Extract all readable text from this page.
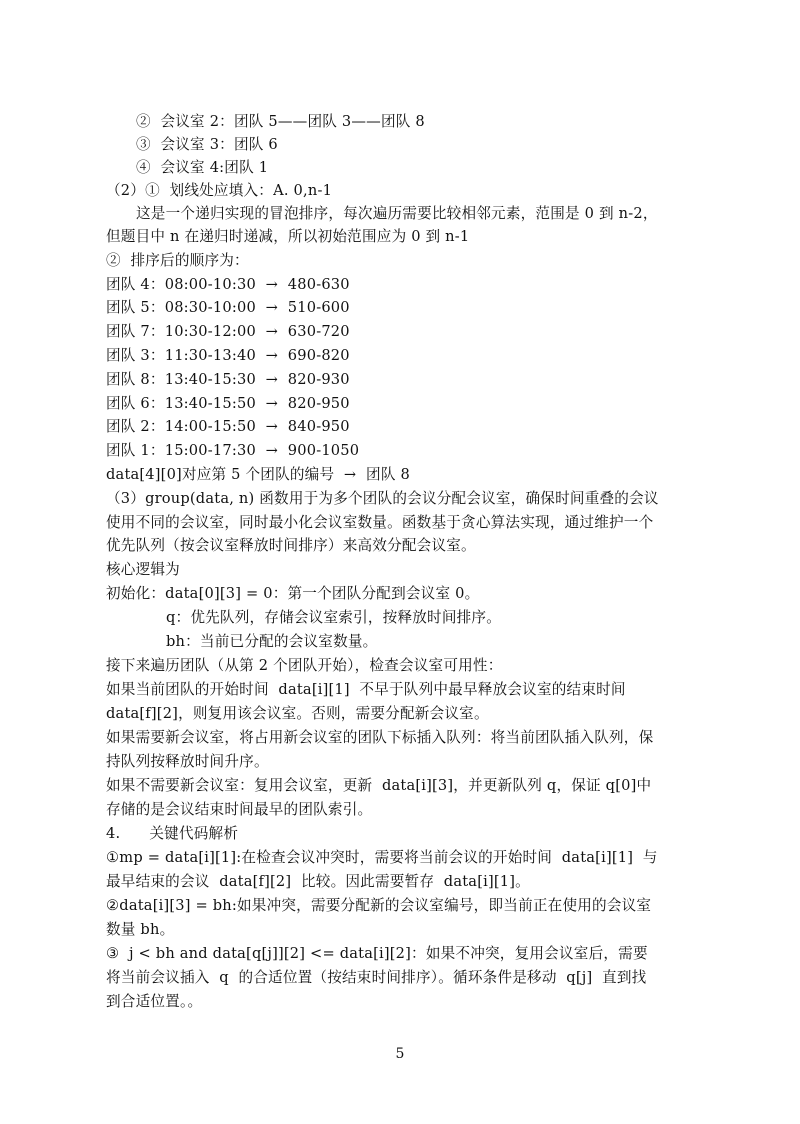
②  会议室 2：团队 5——团队 3——团队 8
③  会议室 3：团队 6
④  会议室 4:团队 1
（2）①  划线处应填入：A. 0,n-1
这是一个递归实现的冒泡排序，每次遍历需要比较相邻元素，范围是 0 到 n-2，
但题目中 n 在递归时递减，所以初始范围应为 0 到 n-1
②  排序后的顺序为：
团队 4：08:00-10:30  →  480-630
团队 5：08:30-10:00  →  510-600
团队 7：10:30-12:00  →  630-720
团队 3：11:30-13:40  →  690-820
团队 8：13:40-15:30  →  820-930
团队 6：13:40-15:50  →  820-950
团队 2：14:00-15:50  →  840-950
团队 1：15:00-17:30  →  900-1050
data[4][0]对应第 5 个团队的编号  →  团队 8
（3）group(data, n) 函数用于为多个团队的会议分配会议室，确保时间重叠的会议
使用不同的会议室，同时最小化会议室数量。函数基于贪心算法实现，通过维护一个
优先队列（按会议室释放时间排序）来高效分配会议室。
核心逻辑为
初始化：data[0][3] = 0：第一个团队分配到会议室 0。
q：优先队列，存储会议室索引，按释放时间排序。
bh：当前已分配的会议室数量。
接下来遍历团队（从第 2 个团队开始），检查会议室可用性：
如果当前团队的开始时间  data[i][1]  不早于队列中最早释放会议室的结束时间
data[f][2]，则复用该会议室。否则，需要分配新会议室。
如果需要新会议室，将占用新会议室的团队下标插入队列：将当前团队插入队列，保
持队列按释放时间升序。
如果不需要新会议室：复用会议室，更新  data[i][3]，并更新队列 q，保证 q[0]中
存储的是会议结束时间最早的团队索引。
4.      关键代码解析
①mp = data[i][1]:在检查会议冲突时，需要将当前会议的开始时间  data[i][1]  与
最早结束的会议  data[f][2]  比较。因此需要暂存  data[i][1]。
②data[i][3] = bh:如果冲突，需要分配新的会议室编号，即当前正在使用的会议室
数量 bh。
③  j < bh and data[q[j]][2] <= data[i][2]：如果不冲突，复用会议室后，需要
将当前会议插入  q  的合适位置（按结束时间排序）。循环条件是移动  q[j]  直到找
到合适位置。。
5
